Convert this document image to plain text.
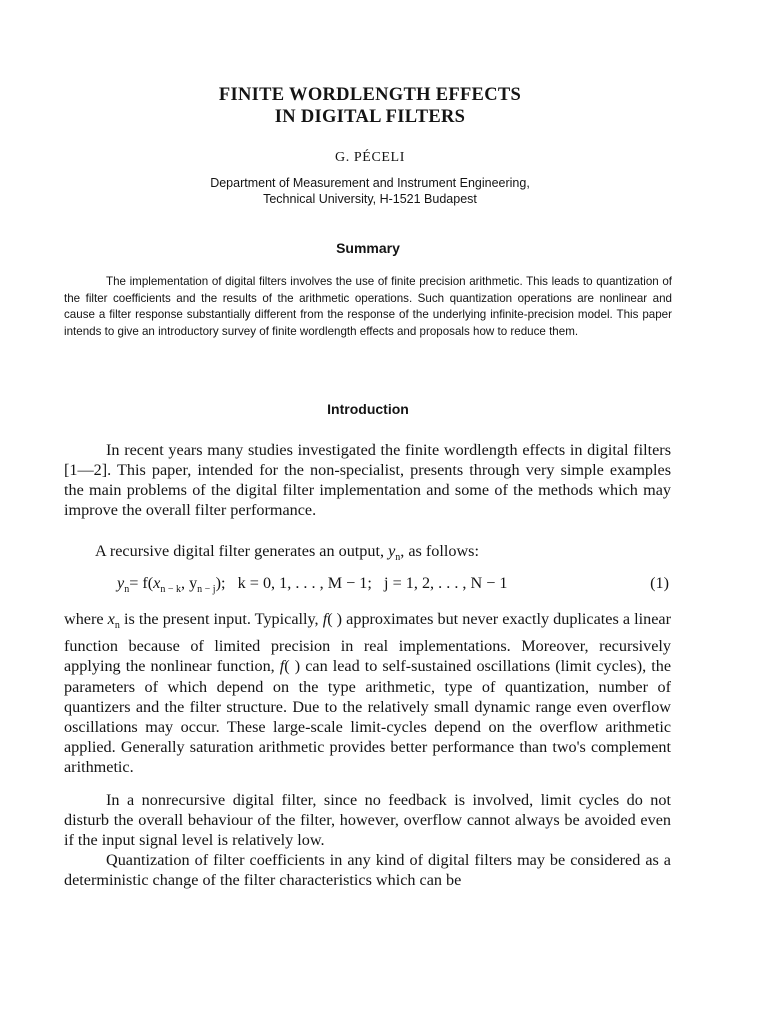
FINITE WORDLENGTH EFFECTS
IN DIGITAL FILTERS
G. PÉCELI
Department of Measurement and Instrument Engineering,
Technical University, H-1521 Budapest
Summary

The implementation of digital filters involves the use of finite precision arithmetic. This leads to quantization of the filter coefficients and the results of the arithmetic operations. Such quantization operations are nonlinear and cause a filter response substantially different from the response of the underlying infinite-precision model. This paper intends to give an introductory survey of finite wordlength effects and proposals how to reduce them.

Introduction

In recent years many studies investigated the finite wordlength effects in digital filters [1—2]. This paper, intended for the non-specialist, presents through very simple examples the main problems of the digital filter implementation and some of the methods which may improve the overall filter performance.

A recursive digital filter generates an output, $y_n$, as follows:

$y_n= f(x_{n - k}$, $y_{n - j}$); k = 0, 1, . . . , M − 1; j = 1, 2, . . . , N − 1	(1)

where $x_n$ is the present input. Typically, f( ) approximates but never exactly duplicates a linear function because of limited precision in real implementations. Moreover, recursively applying the nonlinear function, f( ) can lead to self-sustained oscillations (limit cycles), the parameters of which depend on the type arithmetic, type of quantization, number of quantizers and the filter structure. Due to the relatively small dynamic range even overflow oscillations may occur. These large-scale limit-cycles depend on the overflow arithmetic applied. Generally saturation arithmetic provides better performance than two's complement arithmetic.

In a nonrecursive digital filter, since no feedback is involved, limit cycles do not disturb the overall behaviour of the filter, however, overflow cannot always be avoided even if the input signal level is relatively low.

Quantization of filter coefficients in any kind of digital filters may be considered as a deterministic change of the filter characteristics which can be
